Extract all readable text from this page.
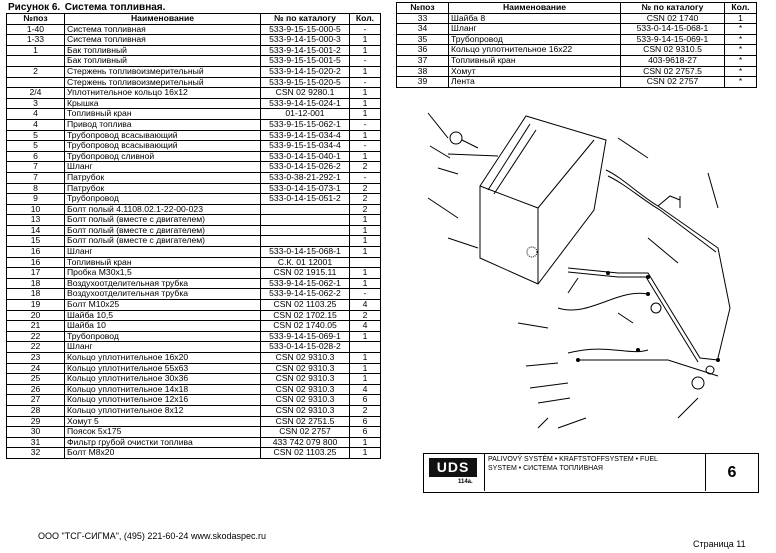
Рисунок 6. Система топливная.
№поз	Наименование	№ по каталогу	Кол.
1-40	Система топливная	533-9-15-15-000-5	-
1-33	Система топливная	533-9-14-15-000-3	1
1	Бак топливный	533-9-14-15-001-2	1
	Бак топливный	533-9-15-15-001-5	-
2	Стержень топливоизмерительный	533-9-14-15-020-2	1
	Стержень топливоизмерительный	533-9-15-15-020-5	-
2/4	Уплотнительное кольцо 16х12	CSN 02 9280.1	1
3	Крышка	533-9-14-15-024-1	1
4	Топливный кран	01-12-001	1
4	Привод топлива	533-9-15-15-062-1	-
5	Трубопровод всасывающий	533-9-14-15-034-4	1
5	Трубопровод всасывающий	533-9-15-15-034-4	-
6	Трубопровод сливной	533-0-14-15-040-1	1
7	Шланг	533-0-14-15-026-2	2
7	Патрубок	533-0-38-21-292-1	-
8	Патрубок	533-0-14-15-073-1	2
9	Трубопровод	533-0-14-15-051-2	2
10	Болт полый 4.1108.02.1-22-00-023		2
13	Болт полый (вместе с двигателем)		1
14	Болт полый (вместе с двигателем)		1
15	Болт полый (вместе с двигателем)		1
16	Шланг	533-0-14-15-068-1	1
16	Топливный кран	С.К. 01 12001	
17	Пробка М30х1,5	CSN 02 1915.11	1
18	Воздухоотделительная трубка	533-9-14-15-062-1	1
18	Воздухоотделительная трубка	533-9-14-15-062-2	-
19	Болт М10х25	CSN 02 1103.25	4
20	Шайба 10,5	CSN 02 1702.15	2
21	Шайба 10	CSN 02 1740.05	4
22	Трубопровод	533-9-14-15-069-1	1
22	Шланг	533-0-14-15-028-2	
23	Кольцо уплотнительное 16х20	CSN 02 9310.3	1
24	Кольцо уплотнительное 55х63	CSN 02 9310.3	1
25	Кольцо уплотнительное 30х36	CSN 02 9310.3	1
26	Кольцо уплотнительное 14х18	CSN 02 9310.3	4
27	Кольцо уплотнительное 12х16	CSN 02 9310.3	6
28	Кольцо уплотнительное 8х12	CSN 02 9310.3	2
29	Хомут 5	CSN 02 2751.5	6
30	Поясок 5х175	CSN 02 2757	6
31	Фильтр грубой очистки топлива	433 742 079 800	1
32	Болт М8х20	CSN 02 1103.25	1
№поз	Наименование	№ по каталогу	Кол.
33	Шайба 8	CSN 02 1740	1
34	Шланг	533-0-14-15-068-1	*
35	Трубопровод	533-9-14-15-069-1	*
36	Кольцо уплотнительное 16х22	CSN 02 9310.5	*
37	Топливный кран	403-9618-27	*
38	Хомут	CSN 02 2757.5	*
39	Лента	CSN 02 2757	*
UDS
114а.
PALIVOVÝ SYSTÉM • KRAFTSTOFFSYSTEM • FUEL
SYSTEM • СИСТЕМА ТОПЛИВНАЯ	6
ООО "ТСГ-СИГМА", (495) 221-60-24 www.skodaspec.ru
Страница 11
